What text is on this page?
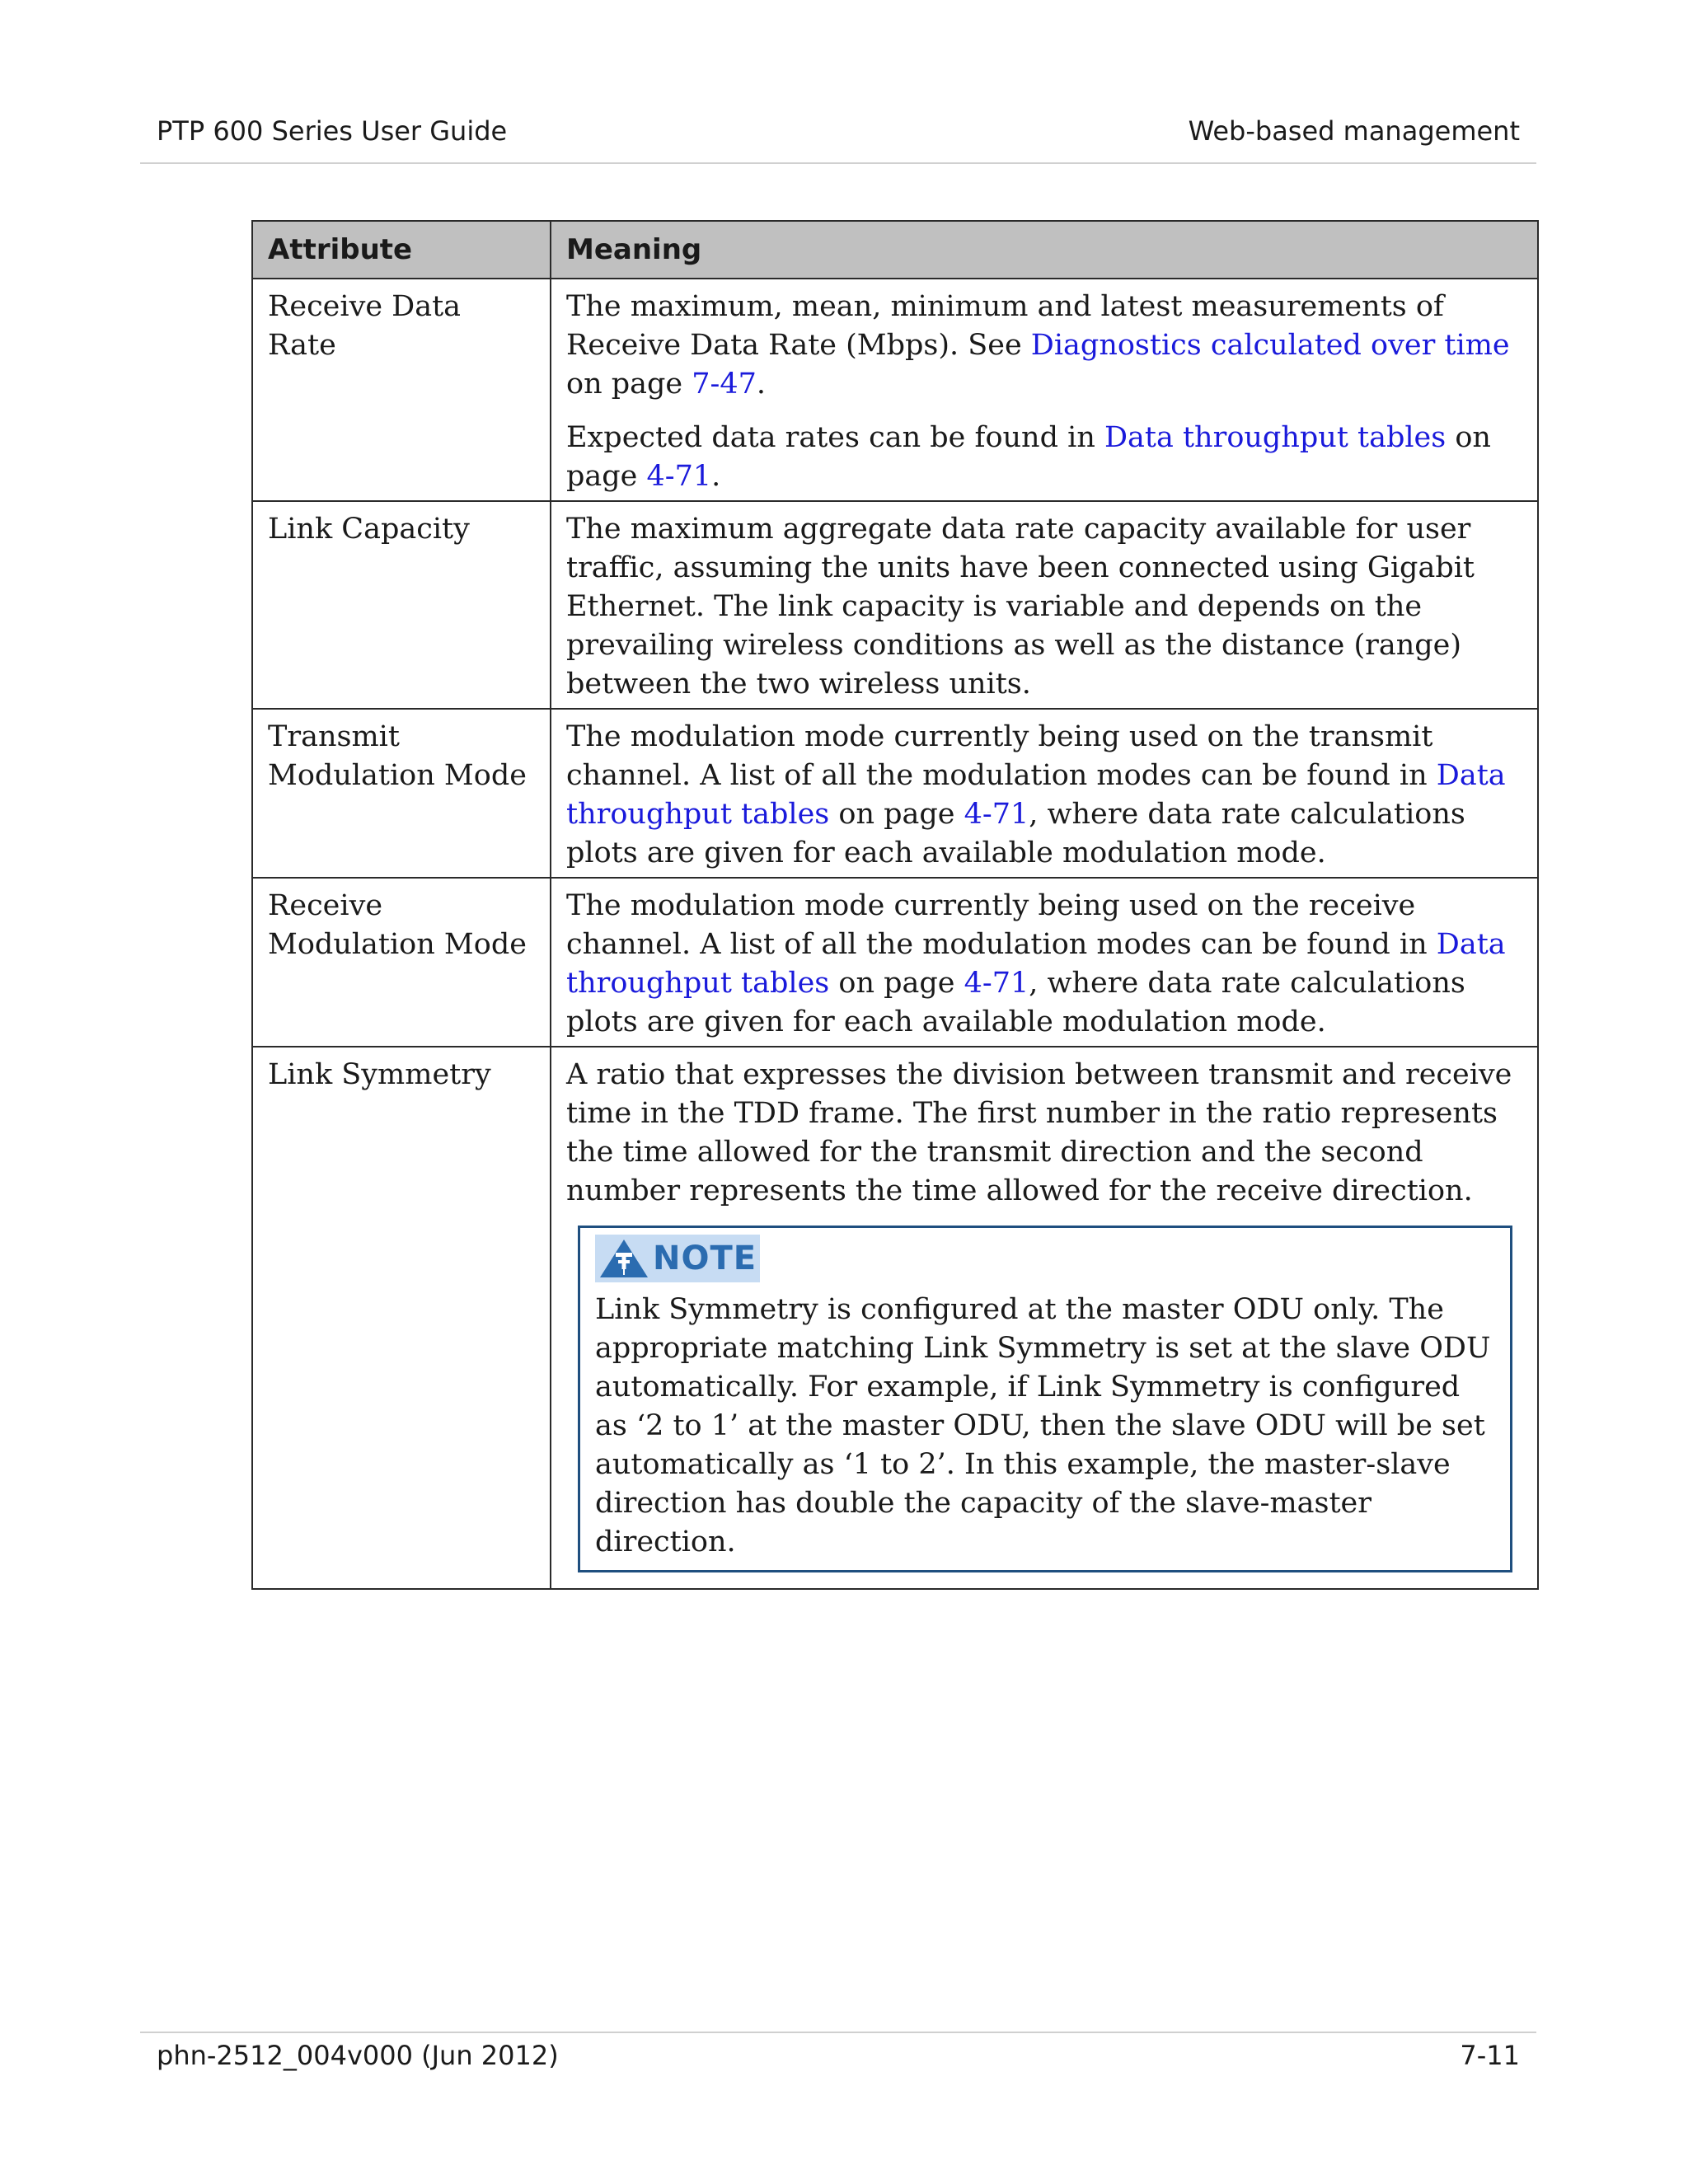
PTP 600 Series User Guide	Web-based management
Attribute	Meaning
Receive Data Rate	The maximum, mean, minimum and latest measurements of Receive Data Rate (Mbps). See Diagnostics calculated over time on page 7-47.

Expected data rates can be found in Data throughput tables on page 4-71.

Link Capacity	The maximum aggregate data rate capacity available for user traffic, assuming the units have been connected using Gigabit Ethernet. The link capacity is variable and depends on the prevailing wireless conditions as well as the distance (range) between the two wireless units.

Transmit Modulation Mode	The modulation mode currently being used on the transmit channel. A list of all the modulation modes can be found in Data throughput tables on page 4-71, where data rate calculations plots are given for each available modulation mode.

Receive Modulation Mode	The modulation mode currently being used on the receive channel. A list of all the modulation modes can be found in Data throughput tables on page 4-71, where data rate calculations plots are given for each available modulation mode.

Link Symmetry	A ratio that expresses the division between transmit and receive time in the TDD frame. The first number in the ratio represents the time allowed for the transmit direction and the second number represents the time allowed for the receive direction.

NOTE
Link Symmetry is configured at the master ODU only. The appropriate matching Link Symmetry is set at the slave ODU automatically. For example, if Link Symmetry is configured as ‘2 to 1’ at the master ODU, then the slave ODU will be set automatically as ‘1 to 2’. In this example, the master-slave direction has double the capacity of the slave-master direction.
phn-2512_004v000 (Jun 2012)	7-11
